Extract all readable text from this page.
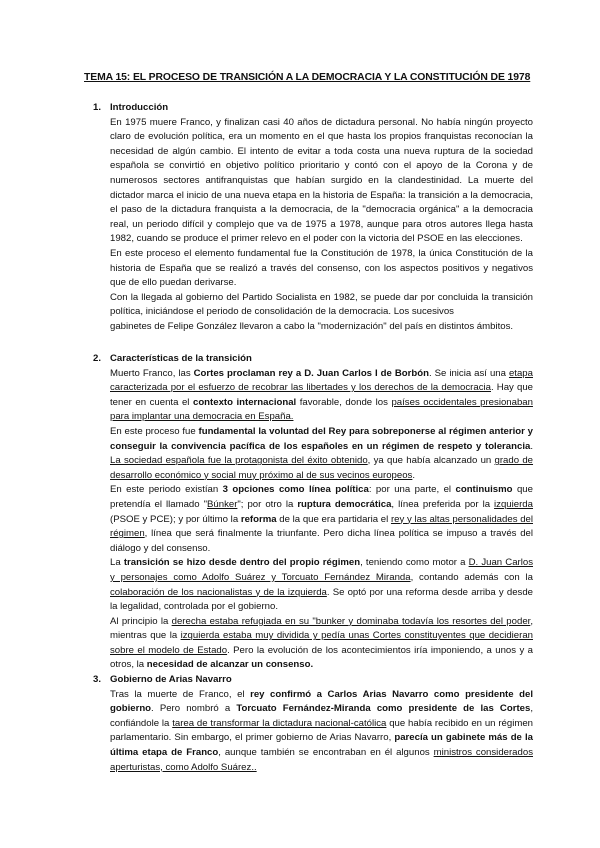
TEMA 15: EL PROCESO DE TRANSICIÓN A LA DEMOCRACIA Y LA CONSTITUCIÓN DE 1978
1. Introducción

En 1975 muere Franco, y finalizan casi 40 años de dictadura personal. No había ningún proyecto claro de evolución política, era un momento en el que hasta los propios franquistas reconocían la necesidad de algún cambio. El intento de evitar a toda costa una nueva ruptura de la sociedad española se convirtió en objetivo político prioritario y contó con el apoyo de la Corona y de numerosos sectores antifranquistas que habían surgido en la clandestinidad. La muerte del dictador marca el inicio de una nueva etapa en la historia de España: la transición a la democracia, el paso de la dictadura franquista a la democracia, de la "democracia orgánica" a la democracia real, un periodo difícil y complejo que va de 1975 a 1978, aunque para otros autores llega hasta 1982, cuando se produce el primer relevo en el poder con la victoria del PSOE en las elecciones.

En este proceso el elemento fundamental fue la Constitución de 1978, la única Constitución de la historia de España que se realizó a través del consenso, con los aspectos positivos y negativos que de ello puedan derivarse.

Con la llegada al gobierno del Partido Socialista en 1982, se puede dar por concluida la transición política, iniciándose el periodo de consolidación de la democracia. Los sucesivos

gabinetes de Felipe González llevaron a cabo la "modernización" del país en distintos ámbitos.

2. Características de la transición

Muerto Franco, las Cortes proclaman rey a D. Juan Carlos I de Borbón. Se inicia así una etapa caracterizada por el esfuerzo de recobrar las libertades y los derechos de la democracia. Hay que tener en cuenta el contexto internacional favorable, donde los países occidentales presionaban para implantar una democracia en España.

En este proceso fue fundamental la voluntad del Rey para sobreponerse al régimen anterior y conseguir la convivencia pacífica de los españoles en un régimen de respeto y tolerancia. La sociedad española fue la protagonista del éxito obtenido, ya que había alcanzado un grado de desarrollo económico y social muy próximo al de sus vecinos europeos.

En este periodo existían 3 opciones como línea política: por una parte, el continuismo que pretendía el llamado "Búnker"; por otro la ruptura democrática, línea preferida por la izquierda (PSOE y PCE); y por último la reforma de la que era partidaria el rey y las altas personalidades del régimen, línea que será finalmente la triunfante. Pero dicha línea política se impuso a través del diálogo y del consenso.

La transición se hizo desde dentro del propio régimen, teniendo como motor a D. Juan Carlos y personajes como Adolfo Suárez y Torcuato Fernández Miranda, contando además con la colaboración de los nacionalistas y de la izquierda. Se optó por una reforma desde arriba y desde la legalidad, controlada por el gobierno.

Al principio la derecha estaba refugiada en su "bunker y dominaba todavía los resortes del poder, mientras que la izquierda estaba muy dividida y pedía unas Cortes constituyentes que decidieran sobre el modelo de Estado. Pero la evolución de los acontecimientos iría imponiendo, a unos y a otros, la necesidad de alcanzar un consenso.

3. Gobierno de Arias Navarro

Tras la muerte de Franco, el rey confirmó a Carlos Arias Navarro como presidente del gobierno. Pero nombró a Torcuato Fernández-Miranda como presidente de las Cortes, confiándole la tarea de transformar la dictadura nacional-católica que había recibido en un régimen parlamentario. Sin embargo, el primer gobierno de Arias Navarro, parecía un gabinete más de la última etapa de Franco, aunque también se encontraban en él algunos ministros considerados aperturistas, como Adolfo Suárez..
